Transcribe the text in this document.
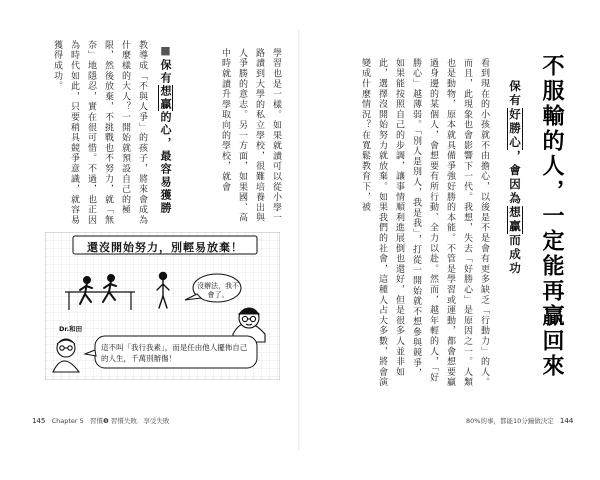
教導成「不與人爭」的孩子，將來會成為什麼樣的大人？一開始就預設自己的極限，然後放棄，不挑戰也不努力，就「無奈」地隱忍，實在很可惜。不過，也正因為時代如此，只要稍具競爭意識，就容易獲得成功。	■保有想贏的心，最容易獲勝	學習也是一樣。如果就讀可以從小學一路讀到大學的私立學校，很難培養出與人爭勝的意志。另一方面，如果國、高中時就讀升學取向的學校，就會
還沒開始努力，別輕易放棄！
沒辦法，我不會了。
Dr.和田
這不叫「我行我素」，而是任由他人擺佈自己的人生，千萬別辦傷！
145 Chapter 5 習慣❺ 習慣失敗．享受失敗
不服輸的人，一定能再贏回來
保有好勝心，會因為想贏而成功
看到現在的小孩就不由擔心，以後是不是會有更多缺乏「行動力」的人。而且，此現象也會影響下一代。我想，失去「好勝心」是原因之一。人類也是動物，原本就具備爭強好勝的本能。不管是學習或運動，都會想要贏過身邊的某個人，會想要有所行動、全力以赴。然而，越年輕的人，「好勝心」越薄弱。「別人是別人，我是我」，打從一開始就不想參與競爭，如果能按照自己的步調，讓事情順利進展倒也還好，但是很多人並非如此，選擇沒開始努力就放棄。如果我們的社會，這種人占大多數，將會演變成什麼情況？在寬鬆教育下，被
80%的事，都能10分鐘做決定 144
